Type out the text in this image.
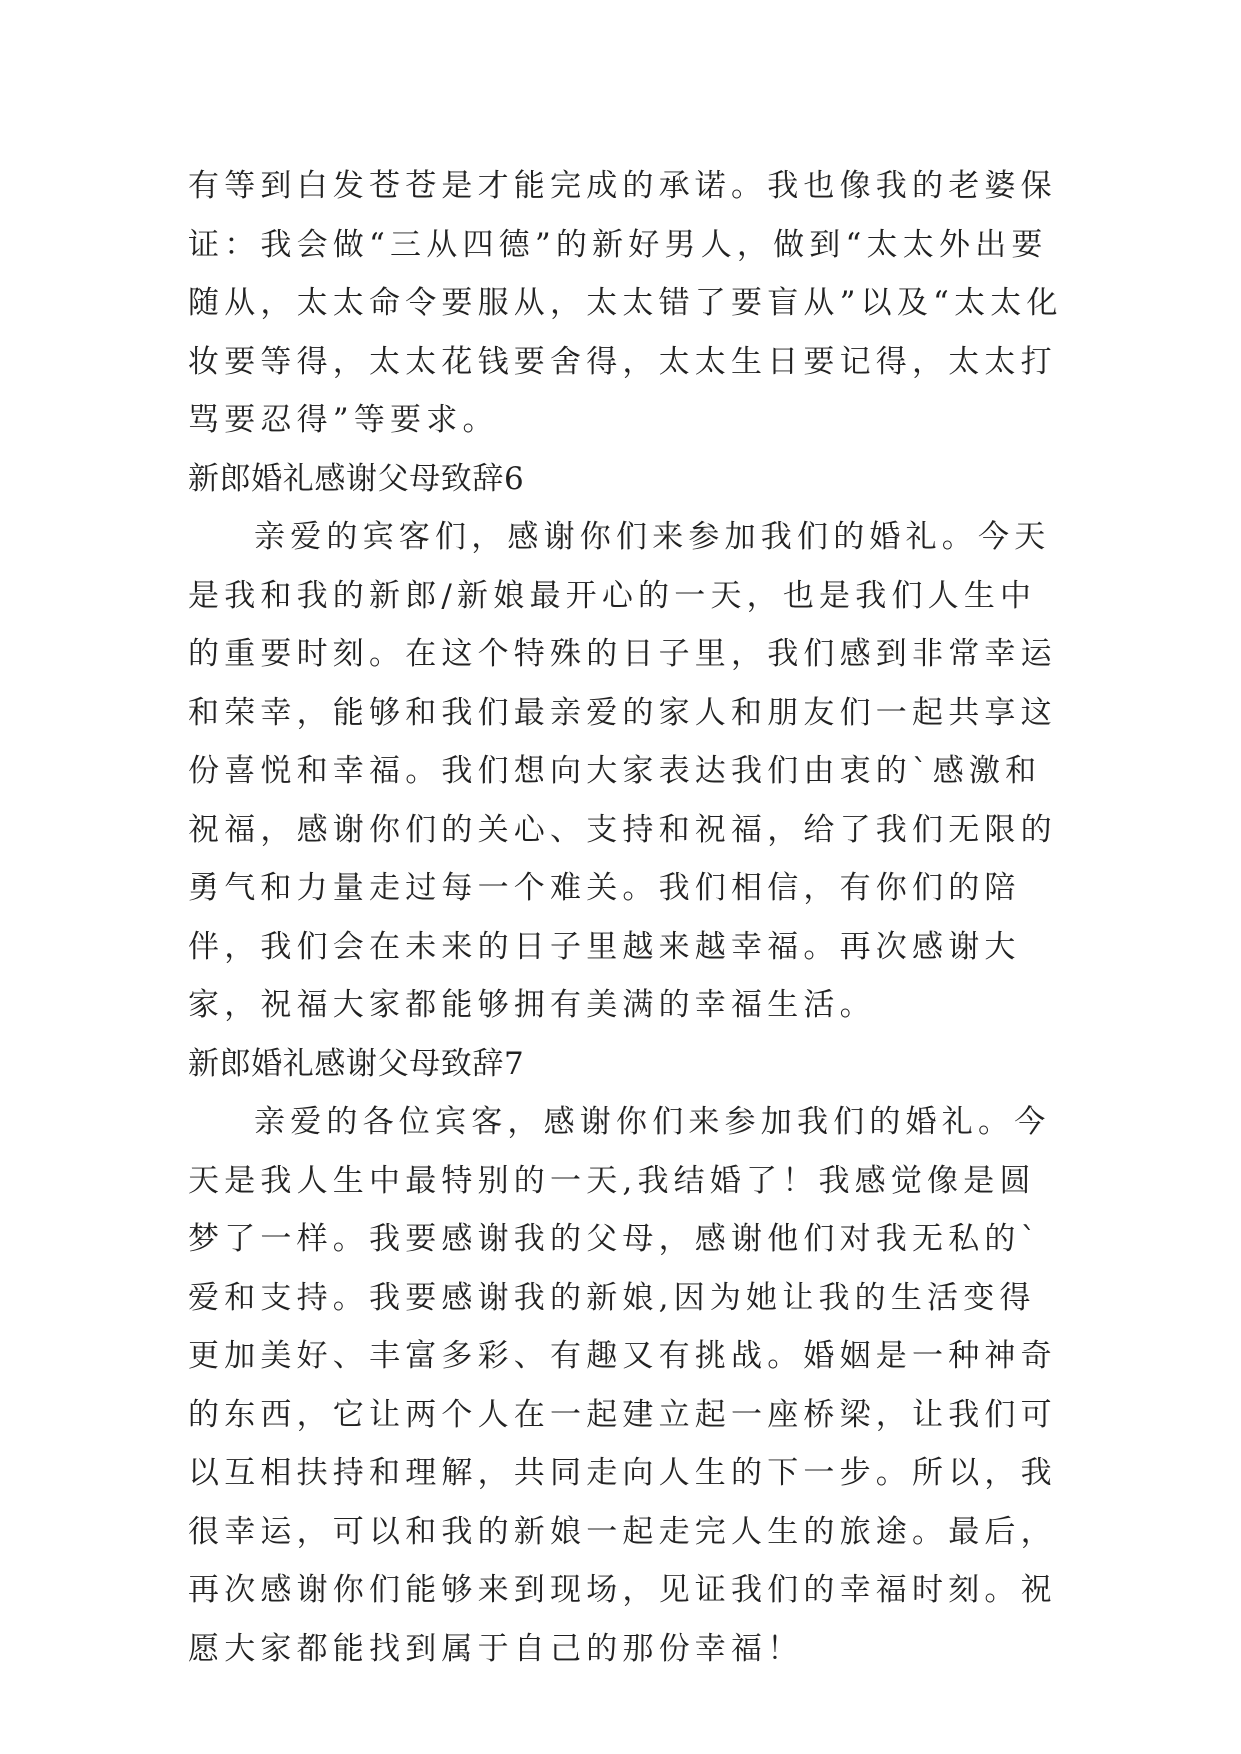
有等到白发苍苍是才能完成的承诺。我也像我的老婆保证：我会做“三从四德”的新好男人，做到“太太外出要随从，太太命令要服从，太太错了要盲从”以及“太太化妆要等得，太太花钱要舍得，太太生日要记得，太太打骂要忍得”等要求。

新郎婚礼感谢父母致辞6

亲爱的宾客们，感谢你们来参加我们的婚礼。今天是我和我的新郎/新娘最开心的一天，也是我们人生中的重要时刻。在这个特殊的日子里，我们感到非常幸运和荣幸，能够和我们最亲爱的家人和朋友们一起共享这份喜悦和幸福。我们想向大家表达我们由衷的`感激和祝福，感谢你们的关心、支持和祝福，给了我们无限的勇气和力量走过每一个难关。我们相信，有你们的陪伴，我们会在未来的日子里越来越幸福。再次感谢大家，祝福大家都能够拥有美满的幸福生活。

新郎婚礼感谢父母致辞7

亲爱的各位宾客，感谢你们来参加我们的婚礼。今天是我人生中最特别的一天,我结婚了！我感觉像是圆梦了一样。我要感谢我的父母，感谢他们对我无私的`爱和支持。我要感谢我的新娘,因为她让我的生活变得更加美好、丰富多彩、有趣又有挑战。婚姻是一种神奇的东西，它让两个人在一起建立起一座桥梁，让我们可以互相扶持和理解，共同走向人生的下一步。所以，我很幸运，可以和我的新娘一起走完人生的旅途。最后，再次感谢你们能够来到现场，见证我们的幸福时刻。祝愿大家都能找到属于自己的那份幸福！
